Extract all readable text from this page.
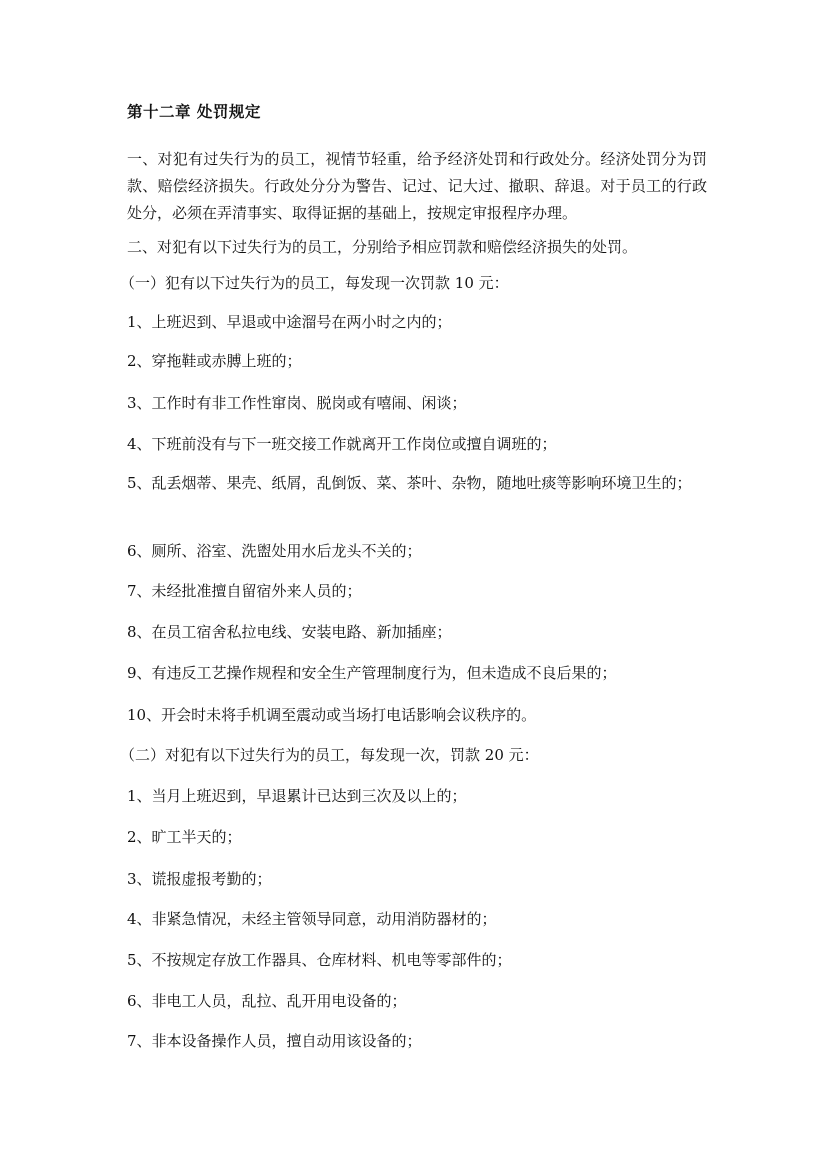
︎
第十二章 处罚规定
一、对犯有过失行为的员工，视情节轻重，给予经济处罚和行政处分。经济处罚分为罚款、赔偿经济损失。行政处分分为警告、记过、记大过、撤职、辞退。对于员工的行政处分，必须在弄清事实、取得证据的基础上，按规定审报程序办理。
二、对犯有以下过失行为的员工，分别给予相应罚款和赔偿经济损失的处罚。
（一）犯有以下过失行为的员工，每发现一次罚款 10 元：
1、上班迟到、早退或中途溜号在两小时之内的；
2、穿拖鞋或赤膊上班的；
3、工作时有非工作性窜岗、脱岗或有嘻闹、闲谈；
4、下班前没有与下一班交接工作就离开工作岗位或擅自调班的；
5、乱丢烟蒂、果壳、纸屑，乱倒饭、菜、茶叶、杂物，随地吐痰等影响环境卫生的；
6、厕所、浴室、洗盥处用水后龙头不关的；
7、未经批准擅自留宿外来人员的；
8、在员工宿舍私拉电线、安装电路、新加插座；
9、有违反工艺操作规程和安全生产管理制度行为，但未造成不良后果的；
10、开会时未将手机调至震动或当场打电话影响会议秩序的。
（二）对犯有以下过失行为的员工，每发现一次，罚款 20 元：
1、当月上班迟到，早退累计已达到三次及以上的；
2、旷工半天的；
3、谎报虚报考勤的；
4、非紧急情况，未经主管领导同意，动用消防器材的；
5、不按规定存放工作器具、仓库材料、机电等零部件的；
6、非电工人员，乱拉、乱开用电设备的；
7、非本设备操作人员，擅自动用该设备的；
